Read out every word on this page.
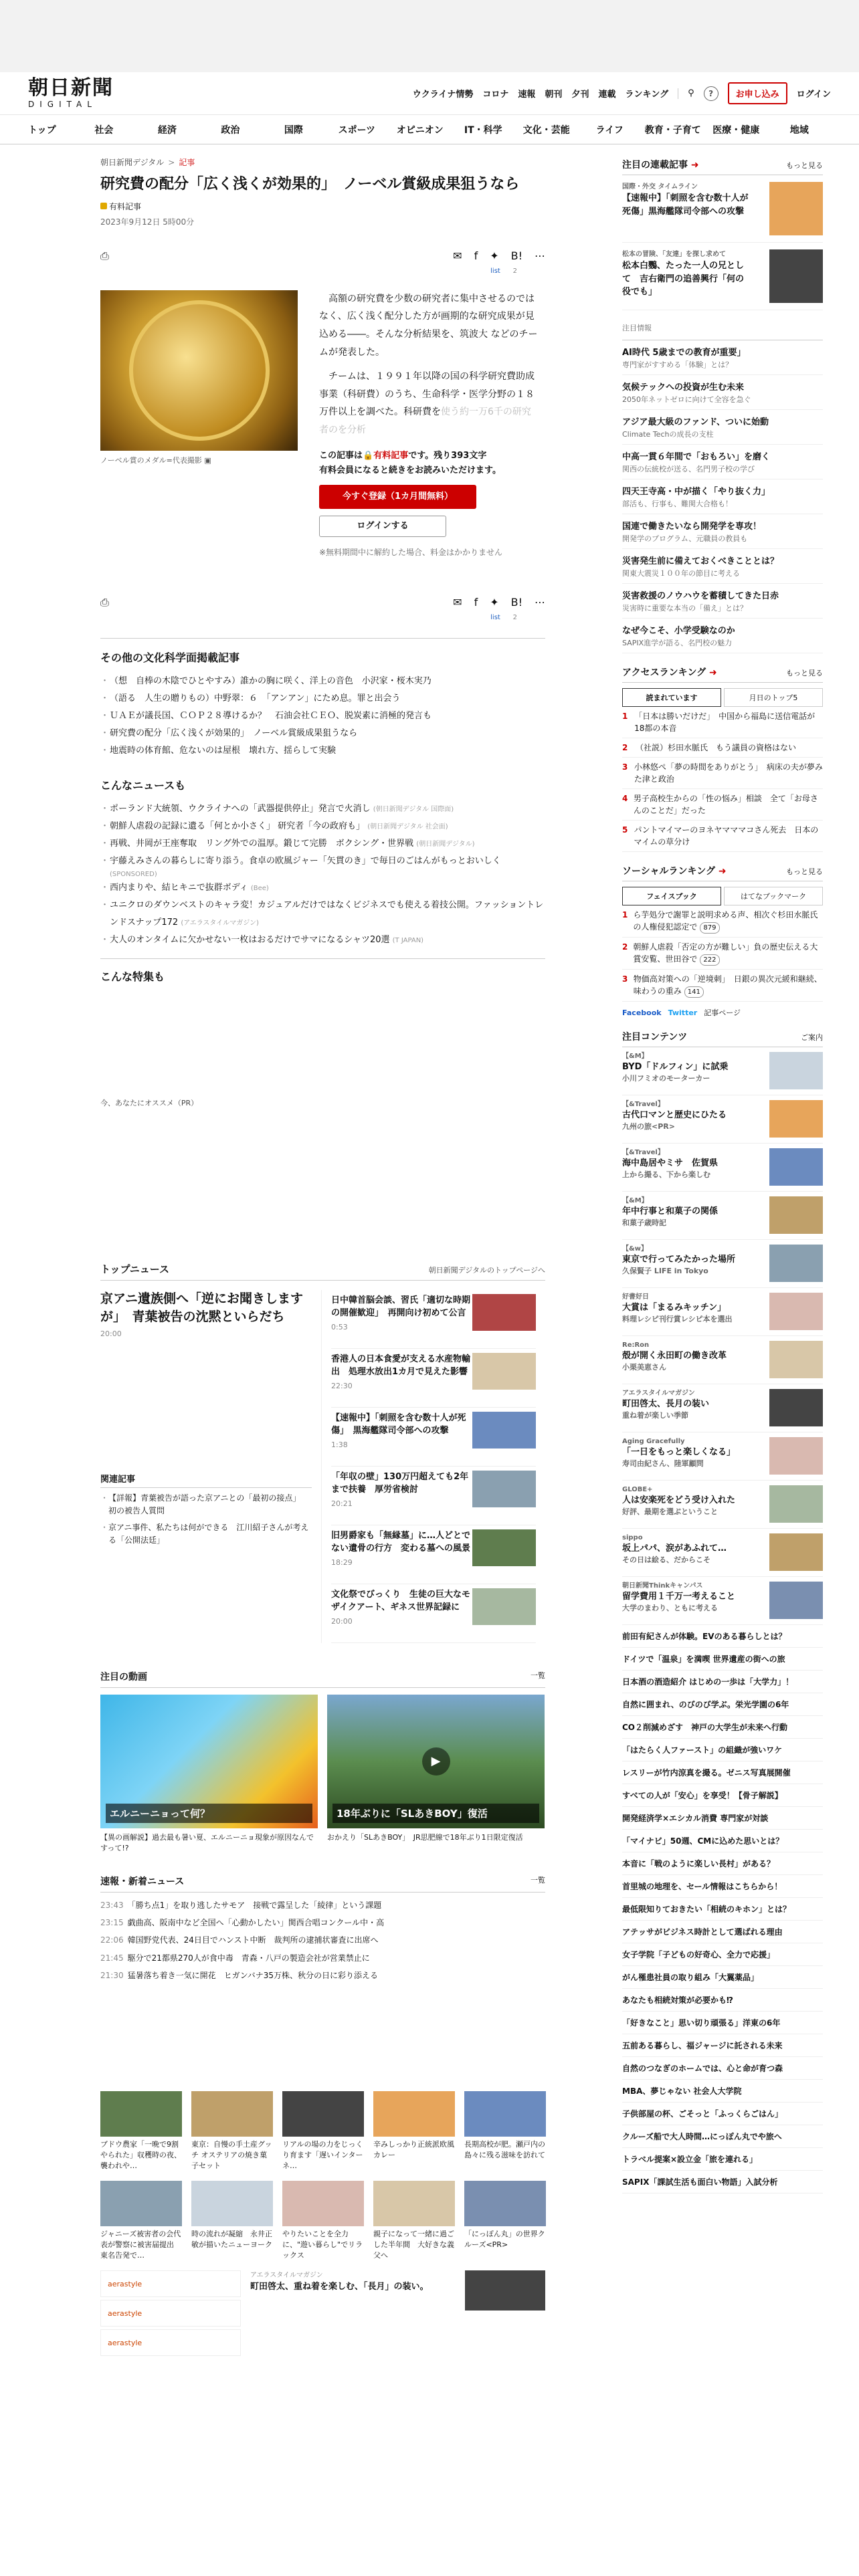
朝日新聞
DIGITAL
ウクライナ情勢 コロナ 速報 朝刊 夕刊 連載 ランキング ⚲	?	お申し込み	ログイン
トップ	社会	経済	政治	国際	スポーツ	オピニオン	IT・科学	文化・芸能	ライフ	教育・子育て	医療・健康	地域
朝日新聞デジタル > 記事
研究費の配分「広く浅くが効果的」　ノーベル賞級成果狙うなら
有料記事
2023年9月12日 5時00分
⎙	✉ f ✦ B! ⋯
list 2
ノーベル賞のメダル=代表撮影 ▣

　高額の研究費を少数の研究者に集中させるのではなく、広く浅く配分した方が画期的な研究成果が見込める――。そんな分析結果を、筑波大 などのチームが発表した。

　チームは、１９９１年以降の国の科学研究費助成事業（科研費）のうち、生命科学・医学分野の１８万件以上を調べた。科研費を使う約一万6千の研究者のを分析

この記事は🔒有料記事です。残り393文字
有料会員になると続きをお読みいただけます。
今すぐ登録（1カ月間無料）
ログインする
※無料期間中に解約した場合、料金はかかりません
⎙	✉ f ✦ B! ⋯
list 2
その他の文化科学面掲載記事
・ （想　自棒の木陰でひとやすみ）誰かの胸に咲く、洋上の音色　小沢家・桜木実乃
・ （語る　人生の贈りもの）中野翠：６　「アンアン」にため息。罪と出会う
・ ＵＡＥが議長国、ＣＯＰ２８導けるか？　石油会社ＣＥＯ、脱炭素に消極的発言も
・ 研究費の配分「広く浅くが効果的」　ノーベル賞級成果狙うなら
・ 地震時の体育館、危ないのは屋根　壊れ方、揺らして実験
こんなニュースも
・ ポーランド大統領、ウクライナへの「武器提供停止」発言で火消し (朝日新聞デジタル 国際面)
・ 朝鮮人虐殺の記録に遺る「何とか小さく」 研究者「今の政府も」 (朝日新聞デジタル 社会面)
・ 再戦、井岡が王座奪取　リング外での温厚。鍛じて完勝　ボクシング・世界戦 (朝日新聞デジタル)
・ 宇藤えみさんの暮らしに寄り添う。食卓の欧風ジャー「矢貫のき」で毎日のごはんがもっとおいしく
(SPONSORED)
・ 西内まりや、結ヒキニで抜群ボディ (Bee)
・ ユニクロのダウンベストのキャラ変！カジュアルだけではなくビジネスでも使える着技公開。ファッショントレンドスナップ172 (アエラスタイルマガジン)
・ 大人のオンタイムに欠かせない一枚はおるだけでサマになるシャツ20選 (T JAPAN)
こんな特集も
今、あなたにオススメ（PR）
トップニュース	朝日新聞デジタルのトップページへ
京アニ遺族側へ「逆にお聞きしますが」　青葉被告の沈黙といらだち
20:00
関連記事
・ 【詳報】青葉被告が語った京アニとの「最初の接点」　初の被告人質問
・ 京アニ事件、私たちは何ができる　江川紹子さんが考える「公開法廷」
日中韓首脳会談、習氏「適切な時期の開催歓迎」　再開向け初めて公言
0:53
香港人の日本食愛が支える水産物輸出　処理水放出1カ月で見えた影響
22:30
【速報中】「刺照を含む数十人が死傷」　黒海艦隊司令部への攻撃
1:38
「年収の壁」130万円超えても2年まで扶養　厚労省検討
20:21
旧男爵家も「無縁墓」に…人どとでない遺骨の行方　変わる墓への風景
18:29
文化祭でびっくり　生徒の巨大なモザイクアート、ギネス世界記録に
20:00
注目の動画	一覧
エルニーニョって何？
【異の画解説】過去最も暑い夏、エルニーニョ現象が原因なんですって!?
▶
18年ぶりに「SLあきBOY」復活
おかえり「SLあきBOY」　JR思肥線で18年ぶり1日限定復活
速報・新着ニュース	一覧
23:43 「勝ち点1」を取り逃したサモア　接戦で露呈した「綾律」という課題
23:15 戯曲高、阪南中など全国へ「心動かしたい」関西合唱コンクール中・高
22:06 韓国野党代表、24日目でハンスト中断　裁判所の逮捕状審査に出席へ
21:45 駆分で21都県270人が食中毒　青森・八戸の製造会社が営業禁止に
21:30 猛暑落ち着き一気に開花　ヒガンバナ35万株、秋分の日に彩り添える
ブドウ農家「一晩で9割やられた」収穫時の夜、襲われや…
東京：自慢の手土産グッチ オステリアの焼き菓子セット
リアルの場の力をじっくり育ます「遅いインターネ…
辛みしっかり正統派欧風カレー
長期高校が肥。瀬戸内の島々に残る滋味を訪れて
ジャニーズ被害者の会代表が警察に被害届提出　東名告発で…
時の流れが凝縮　永井正敏が描いたニューヨーク
やりたいことを全力に、"遊い暮らし"でリラックス
親子になって一緒に過ごした半年間　大好きな義父へ
「にっぽん丸」の世界クルーズ<PR>
aerastyle
aerastyle
aerastyle
アエラスタイルマガジン
町田啓太、重ね着を楽しむ、「長月」の装い。
注目の連載記事 ➜	もっと見る
国際・外交 タイムライン
【速報中】「刺照を含む数十人が死傷」黒海艦隊司令部への攻撃
松本の冒険、「友達」を探し求めて
松本白鸚、たった一人の兄として　吉右衛門の追善興行「何の役でも」
注目情報
AI時代 5歳までの教育が重要」
専門家がすすめる「体験」とは？
気候テックへの投資が生む未来
2050年ネットゼロに向けて全容を急ぐ
アジア最大級のファンド、ついに始動
Climate Techの成長の支柱
中高一貫６年間で「おもろい」を磨く
関西の伝統校が送る、名門男子校の学び
四天王寺高・中が描く「やり抜く力」
部活も、行事も、難関大合格も！
国連で働きたいなら開発学を専攻！
開発学のプログラム、元職員の教員も
災害発生前に備えておくべきこととは？
関東大震災１００年の節目に考える
災害救援のノウハウを蓄積してきた日赤
災害時に重要な本当の「備え」とは？
なぜ今こそ、小学受験なのか
SAPIX進学が語る、名門校の魅力
アクセスランキング ➜	もっと見る
読まれています	月日のトップ5
1 「日本は勝いだけだ」　中国から福島に送信電話が18都の本音
2 （社説）杉田水脈氏　もう議員の資格はない
3 小林悠ぺ「夢の時間をありがとう」　病床の夫が夢みた津と政治
4 男子高校生からの「性の悩み」相談　全て「お母さんのことだ」だった
5 パントマイマーのヨネヤマママコさん死去　日本のマイムの草分け
ソーシャルランキング ➜	もっと見る
フェイスブック	はてなブックマーク
1 ら芋処分で謝罪と説明求める声、相次ぐ杉田水脈氏の人権侵犯認定で 879
2 朝鮮人虐殺「否定の方が難しい」負の歴史伝える大賞安覧、世田谷で 222
3 物価高対策への「逆境刺」　日銀の異次元緩和継続、味わうの重み 141
Facebook Twitter 記事ページ
注目コンテンツ	ご案内
【&M】
BYD「ドルフィン」に試乗
小川フミオのモーターカー
【&Travel】
古代口マンと歴史にひたる
九州の旅<PR>
【&Travel】
海中島居やミサ　佐賀県
上から撮る、下から楽しむ
【&M】
年中行事と和菓子の関係
和菓子歳時記
【&w】
東京で行ってみたかった場所
久保賢子 LIFE in Tokyo
好書好日
大賞は「まるみキッチン」
料理レシピ刊行賞レシピ本を選出
Re:Ron
殻が開く永田町の働き改革
小栗美恵さん
アエラスタイルマガジン
町田啓太、長月の装い
重ね着が楽しい季節
Aging Gracefully
「一日をもっと楽しくなる」
寿司由紀さん、陸軍顧問
GLOBE+
人は安楽死をどう受け入れた
好評、最期を選ぶということ
sippo
坂上パパ、涙があふれて…
その日は絵る、だからこそ
朝日新聞Thinkキャンパス
留学費用１千万一考えること
大学のまわり、ともに考える
前田有紀さんが体験。EVのある暮らしとは？
ドイツで「温泉」を満喫 世界遺産の街への旅
日本酒の酒造紹介 はじめの一歩は「大学力」！
自然に囲まれ、のびのび学ぶ。栄光学園の6年
CO２削減めざす　神戸の大学生が未来へ行動
「はたらく人ファースト」の組織が強いワケ
レスリーが竹内涼真を撮る。ゼニス写真展開催
すべての人が「安心」を享受！【骨子解説】
開発経済学×エシカル消費 専門家が対談
「マイナビ」50週、CMに込めた思いとは？
本音に「戦のように楽しい長村」がある？
首里城の地理を、セール情報はこちらから！
最低限知りておきたい「相続のキホン」とは？
アテッサがビジネス時計として選ばれる理由
女子学院「子どもの好奇心、全力で応援」
がん罹患社員の取り組み「大翼薬品」
あなたも相続対策が必要かも⁉
「好きなこと」思い切り頑張る」洋東の6年
五前ある暮らし、福ジャージに託される未来
自然のつなぎのホームでは、心と命が育つ森
MBA、夢じゃない 社会人大学院
子供部屋の杯、ごそっと「ふっくらごはん」
クルーズ船で大人時間…にっぽん丸でや旅へ
トラベル提案×設立金「旅を連れる」
SAPIX「課試生活も面白い物語」入試分析
